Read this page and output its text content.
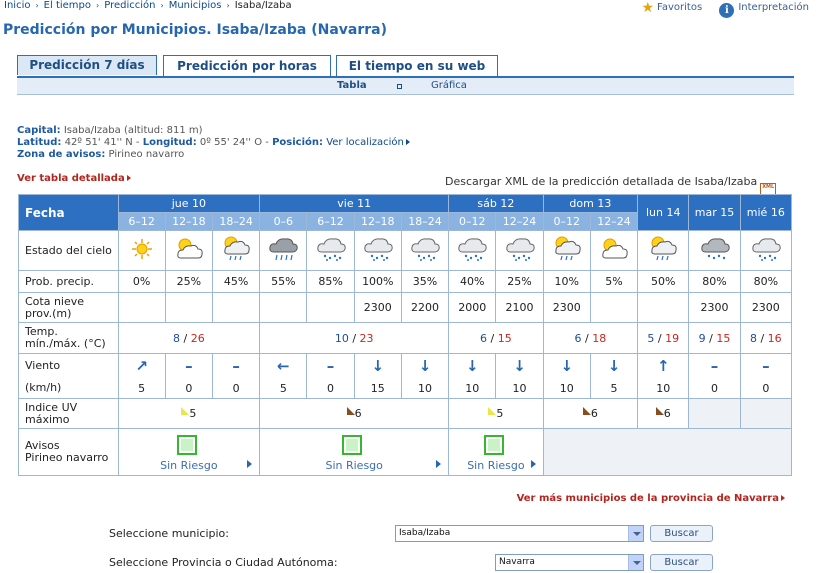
Inicio › El tiempo › Predicción › Municipios › Isaba/Izaba	★ Favoritos i Interpretación
Predicción por Municipios. Isaba/Izaba (Navarra)
Predicción 7 días	Predicción por horas	El tiempo en su web
Tabla	Gráfica
Capital: Isaba/Izaba (altitud: 811 m)
Latitud: 42º 51' 41'' N - Longitud: 0º 55' 24'' O - Posición: Ver localización
Zona de avisos: Pirineo navarro
Ver tabla detallada	Descargar XML de la predicción detallada de Isaba/Izaba XML
Fecha	jue 10			vie 11				sáb 12		dom 13		lun 14	mar 15	mié 16
	6–12	12–18	18–24	0–6	6–12	12–18	18–24	0–12	12–24	0–12	12–24			
Estado del cielo														
Prob. precip.	0%	25%	45%	55%	85%	100%	35%	40%	25%	10%	5%	50%	80%	80%
Cota nieve
prov.(m)						2300	2200	2000	2100	2300			2300	2300
Temp.
mín./máx. (°C)	8 / 26			10 / 23				6 / 15		6 / 18		5 / 19	9 / 15	8 / 16
Viento	↗	–	–	←	–	↓	↓	↓	↓	↓	↓	↑	–	–
(km/h)	5	0	0	5	0	15	10	10	10	10	5	10	0	0
Indice UV
máximo	5			6				5		6		6		
Avisos
Pirineo navarro	Sin Riesgo			Sin Riesgo				Sin Riesgo						

Ver más municipios de la provincia de Navarra
Seleccione municipio:	Isaba/Izaba	Buscar
Seleccione Provincia o Ciudad Autónoma:	Navarra	Buscar
